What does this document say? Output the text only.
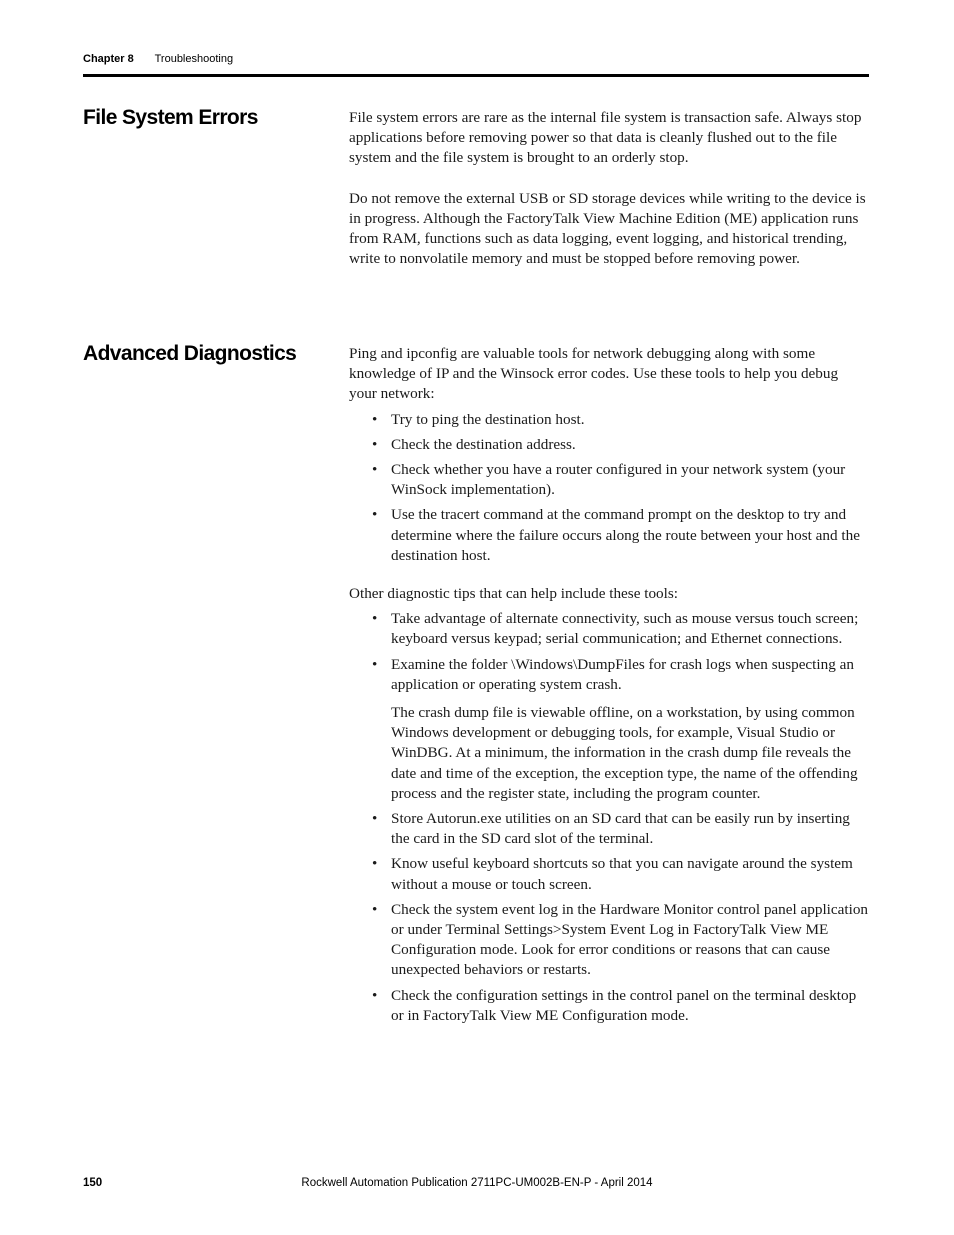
Chapter 8 Troubleshooting
File System Errors	File system errors are rare as the internal file system is transaction safe. Always stop applications before removing power so that data is cleanly flushed out to the file system and the file system is brought to an orderly stop.

Do not remove the external USB or SD storage devices while writing to the device is in progress. Although the FactoryTalk View Machine Edition (ME) application runs from RAM, functions such as data logging, event logging, and historical trending, write to nonvolatile memory and must be stopped before removing power.

Advanced Diagnostics	Ping and ipconfig are valuable tools for network debugging along with some knowledge of IP and the Winsock error codes. Use these tools to help you debug your network:

• Try to ping the destination host.
• Check the destination address.
• Check whether you have a router configured in your network system (your WinSock implementation).
• Use the tracert command at the command prompt on the desktop to try and determine where the failure occurs along the route between your host and the destination host.

Other diagnostic tips that can help include these tools:

• Take advantage of alternate connectivity, such as mouse versus touch screen; keyboard versus keypad; serial communication; and Ethernet connections.
• Examine the folder \Windows\DumpFiles for crash logs when suspecting an application or operating system crash.

The crash dump file is viewable offline, on a workstation, by using common Windows development or debugging tools, for example, Visual Studio or WinDBG. At a minimum, the information in the crash dump file reveals the date and time of the exception, the exception type, the name of the offending process and the register state, including the program counter.

• Store Autorun.exe utilities on an SD card that can be easily run by inserting the card in the SD card slot of the terminal.
• Know useful keyboard shortcuts so that you can navigate around the system without a mouse or touch screen.
• Check the system event log in the Hardware Monitor control panel application or under Terminal Settings>System Event Log in FactoryTalk View ME Configuration mode. Look for error conditions or reasons that can cause unexpected behaviors or restarts.
• Check the configuration settings in the control panel on the terminal desktop or in FactoryTalk View ME Configuration mode.
150	Rockwell Automation Publication 2711PC-UM002B-EN-P - April 2014
